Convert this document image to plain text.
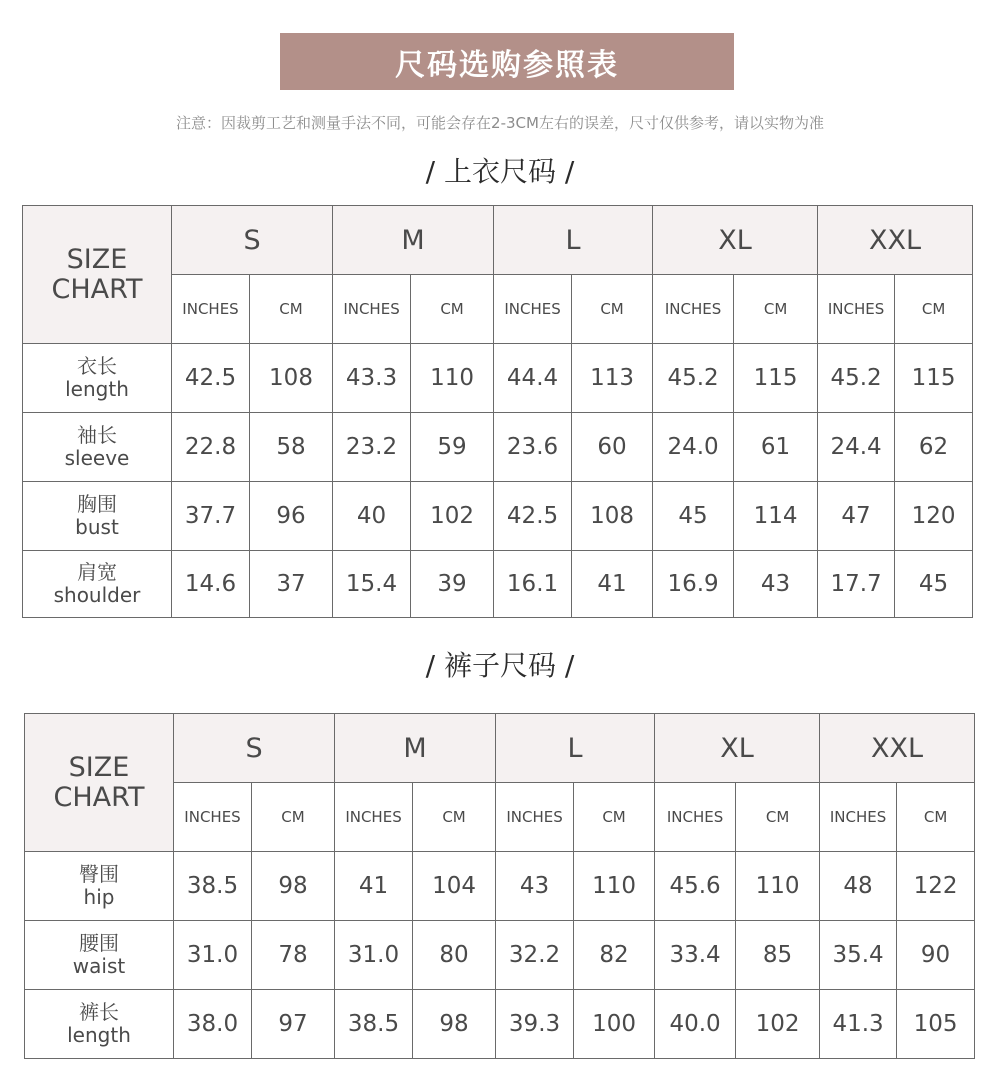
尺码选购参照表
注意：因裁剪工艺和测量手法不同，可能会存在2-3CM左右的误差，尺寸仅供参考，请以实物为准
/ 上衣尺码 /
SIZE
CHART	S		M		L		XL		XXL	
	INCHES	CM	INCHES	CM	INCHES	CM	INCHES	CM	INCHES	CM

衣长
length	42.5	108	43.3	110	44.4	113	45.2	115	45.2	115

袖长
sleeve	22.8	58	23.2	59	23.6	60	24.0	61	24.4	62

胸围
bust	37.7	96	40	102	42.5	108	45	114	47	120

肩宽
shoulder	14.6	37	15.4	39	16.1	41	16.9	43	17.7	45
/ 裤子尺码 /
SIZE
CHART	S		M		L		XL		XXL	
	INCHES	CM	INCHES	CM	INCHES	CM	INCHES	CM	INCHES	CM

臀围
hip	38.5	98	41	104	43	110	45.6	110	48	122

腰围
waist	31.0	78	31.0	80	32.2	82	33.4	85	35.4	90

裤长
length	38.0	97	38.5	98	39.3	100	40.0	102	41.3	105
